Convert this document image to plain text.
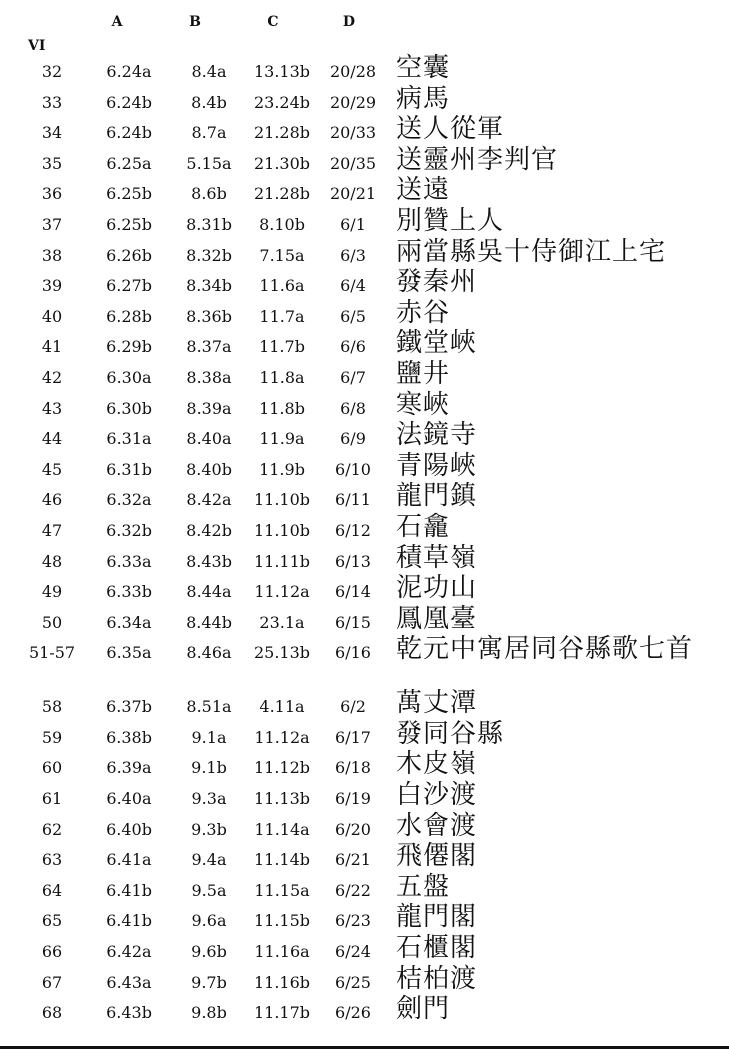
A	B	C	D
VI
32	6.24a	8.4a	13.13b	20/28 空囊
33	6.24b	8.4b	23.24b	20/29 病馬
34	6.24b	8.7a	21.28b	20/33 送人從軍
35	6.25a	5.15a	21.30b	20/35 送靈州李判官
36	6.25b	8.6b	21.28b	20/21 送遠
37	6.25b	8.31b	8.10b	6/1	別贊上人
38	6.26b	8.32b	7.15a	6/3	兩當縣吳十侍御江上宅
39	6.27b	8.34b	11.6a	6/4	發秦州
40	6.28b	8.36b	11.7a	6/5	赤谷
41	6.29b	8.37a	11.7b	6/6	鐵堂峽
42	6.30a	8.38a	11.8a	6/7	鹽井
43	6.30b	8.39a	11.8b	6/8	寒峽
44	6.31a	8.40a	11.9a	6/9	法鏡寺
45	6.31b	8.40b	11.9b	6/10 青陽峽
46	6.32a	8.42a	11.10b	6/11 龍門鎮
47	6.32b	8.42b	11.10b	6/12 石龕
48	6.33a	8.43b	11.11b	6/13 積草嶺
49	6.33b	8.44a	11.12a	6/14 泥功山
50	6.34a	8.44b	23.1a	6/15 鳳凰臺
51-57	6.35a	8.46a	25.13b	6/16 乾元中寓居同谷縣歌七首
58	6.37b	8.51a	4.11a	6/2	萬丈潭
59	6.38b	9.1a	11.12a	6/17 發同谷縣
60	6.39a	9.1b	11.12b	6/18 木皮嶺
61	6.40a	9.3a	11.13b	6/19 白沙渡
62	6.40b	9.3b	11.14a	6/20 水會渡
63	6.41a	9.4a	11.14b	6/21 飛僊閣
64	6.41b	9.5a	11.15a	6/22 五盤
65	6.41b	9.6a	11.15b	6/23 龍門閣
66	6.42a	9.6b	11.16a	6/24 石櫃閣
67	6.43a	9.7b	11.16b	6/25 桔柏渡
68	6.43b	9.8b	11.17b	6/26 劍門
